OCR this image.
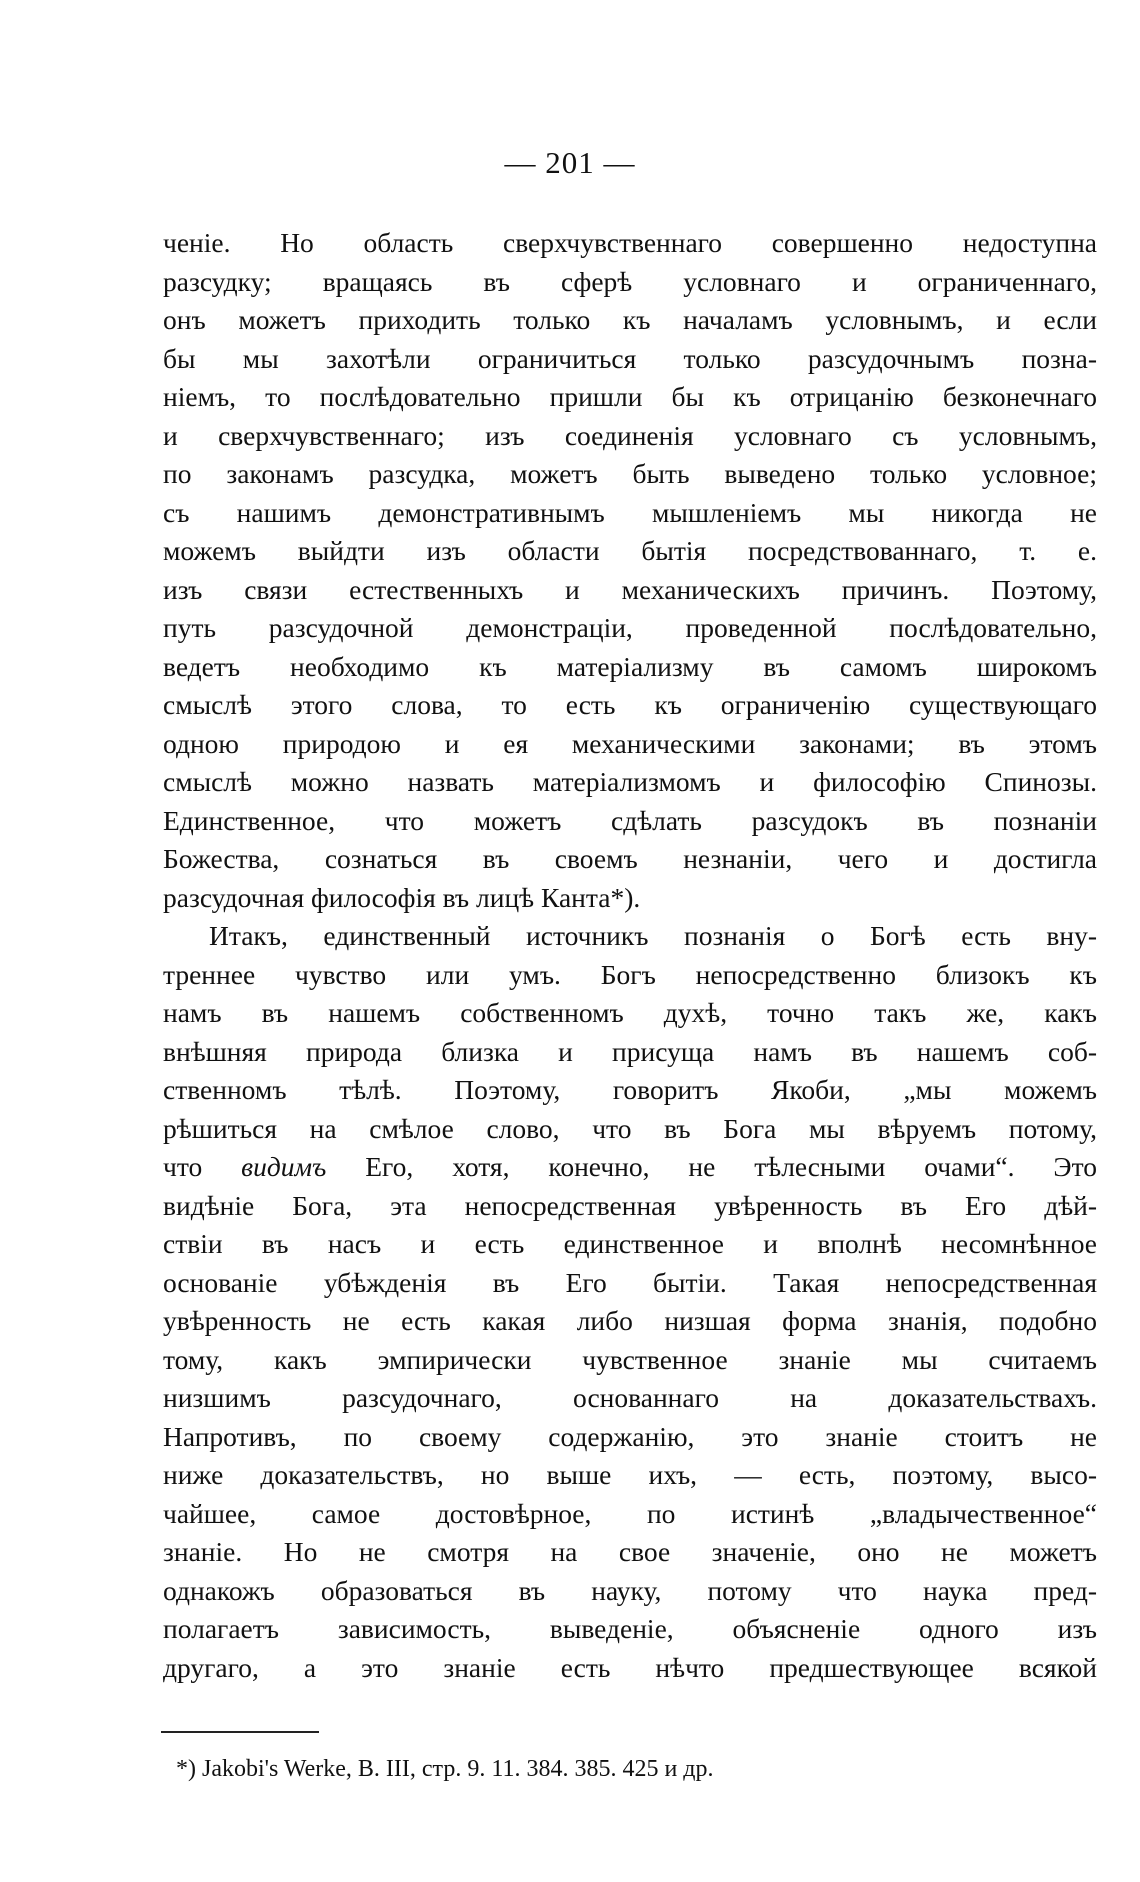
— 201 —
ченіе. Но область сверхчувственнаго совершенно недоступна
разсудку; вращаясь въ сферѣ условнаго и ограниченнаго,
онъ можетъ приходить только къ началамъ условнымъ, и если
бы мы захотѣли ограничиться только разсудочнымъ позна-
ніемъ, то послѣдовательно пришли бы къ отрицанію безконечнаго
и сверхчувственнаго; изъ соединенія условнаго съ условнымъ,
по законамъ разсудка, можетъ быть выведено только условное;
съ нашимъ демонстративнымъ мышленіемъ мы никогда не
можемъ выйдти изъ области бытія посредствованнаго, т. е.
изъ связи естественныхъ и механическихъ причинъ. Поэтому,
путь разсудочной демонстраціи, проведенной послѣдовательно,
ведетъ необходимо къ матеріализму въ самомъ широкомъ
смыслѣ этого слова, то есть къ ограниченію существующаго
одною природою и ея механическими законами; въ этомъ
смыслѣ можно назвать матеріализмомъ и философію Спинозы.
Единственное, что можетъ сдѣлать разсудокъ въ познаніи
Божества, сознаться въ своемъ незнаніи, чего и достигла
разсудочная философія въ лицѣ Канта*).
Итакъ, единственный источникъ познанія о Богѣ есть вну-
треннее чувство или умъ. Богъ непосредственно близокъ къ
намъ въ нашемъ собственномъ духѣ, точно такъ же, какъ
внѣшняя природа близка и присуща намъ въ нашемъ соб-
ственномъ тѣлѣ. Поэтому, говоритъ Якоби, „мы можемъ
рѣшиться на смѣлое слово, что въ Бога мы вѣруемъ потому,
что видимъ Его, хотя, конечно, не тѣлесными очами“. Это
видѣніе Бога, эта непосредственная увѣренность въ Его дѣй-
ствіи въ насъ и есть единственное и вполнѣ несомнѣнное
основаніе убѣжденія въ Его бытіи. Такая непосредственная
увѣренность не есть какая либо низшая форма знанія, подобно
тому, какъ эмпирически чувственное знаніе мы считаемъ
низшимъ разсудочнаго, основаннаго на доказательствахъ.
Напротивъ, по своему содержанію, это знаніе стоитъ не
ниже доказательствъ, но выше ихъ, — есть, поэтому, высо-
чайшее, самое достовѣрное, по истинѣ „владычественное“
знаніе. Но не смотря на свое значеніе, оно не можетъ
однакожъ образоваться въ науку, потому что наука пред-
полагаетъ зависимость, выведеніе, объясненіе одного изъ
другаго, а это знаніе есть нѣчто предшествующее всякой
*) Jakobi's Werke, B. III, стр. 9. 11. 384. 385. 425 и др.
